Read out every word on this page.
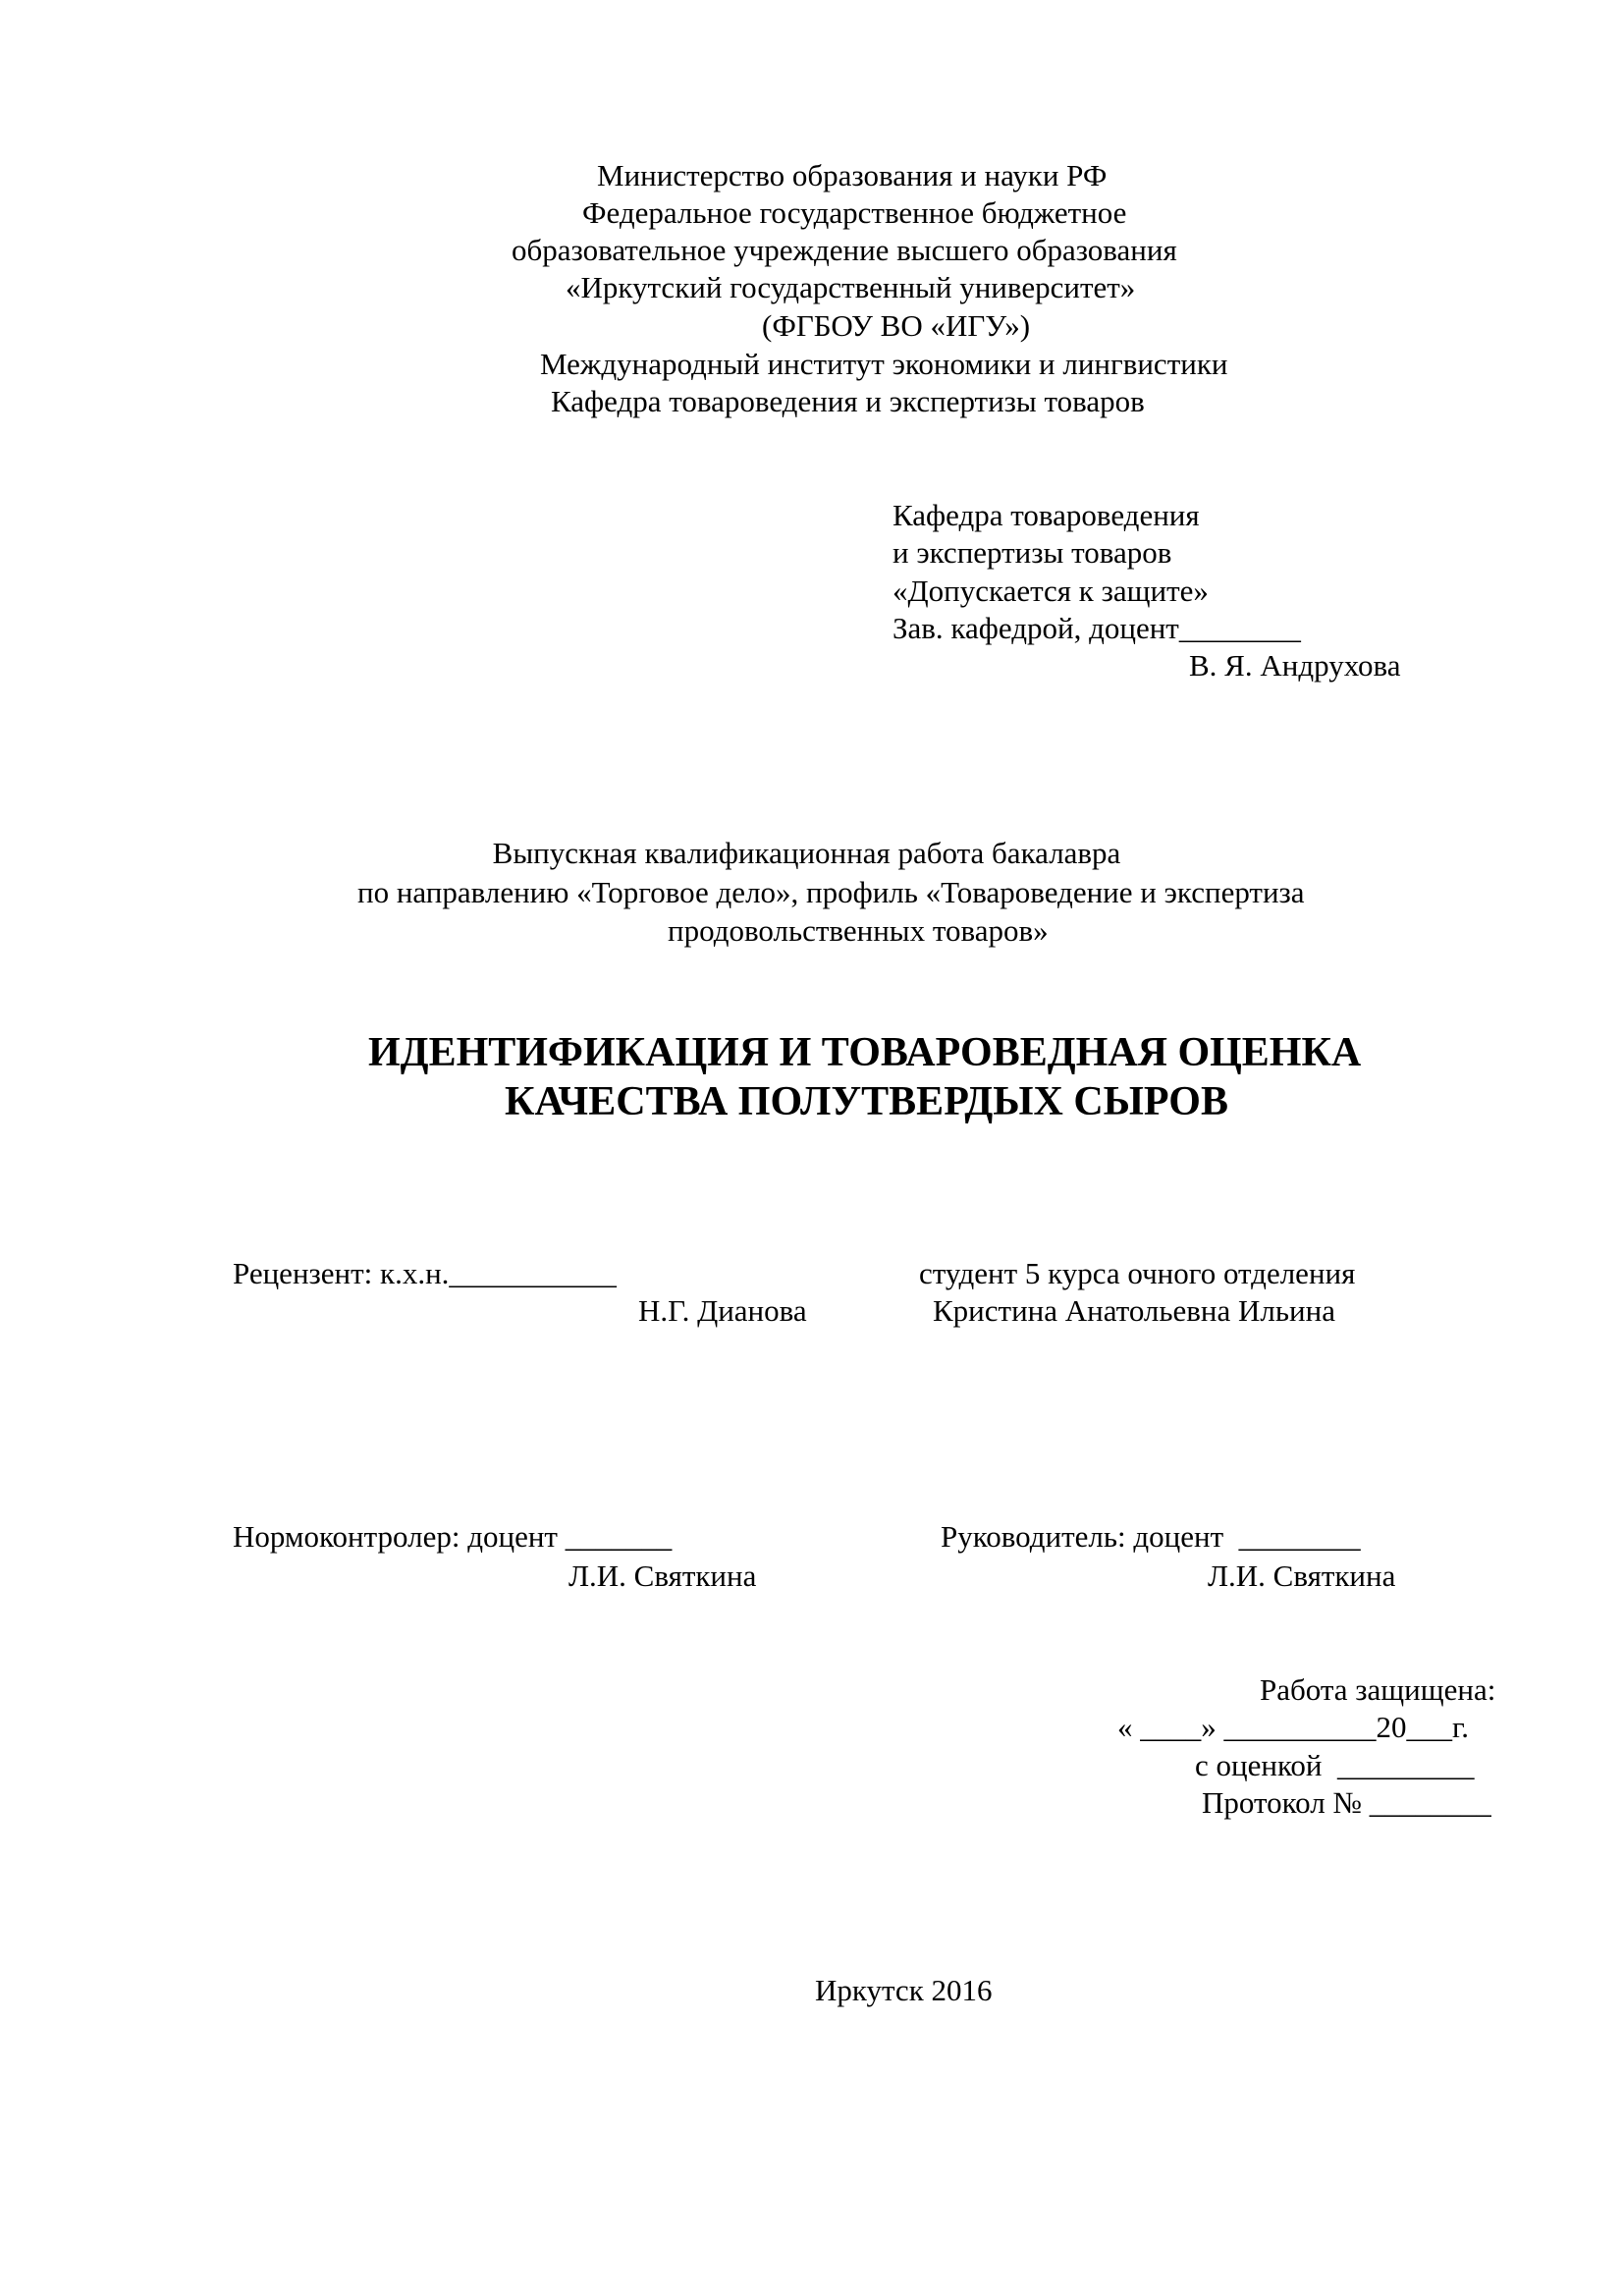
Министерство образования и науки РФ
Федеральное государственное бюджетное
образовательное учреждение высшего образования
«Иркутский государственный университет»
(ФГБОУ ВО «ИГУ»)
Международный институт экономики и лингвистики
Кафедра товароведения и экспертизы товаров
Кафедра товароведения
и экспертизы товаров
«Допускается к защите»
Зав. кафедрой, доцент________
В. Я. Андрухова
Выпускная квалификационная работа бакалавра
по направлению «Торговое дело», профиль «Товароведение и экспертиза
продовольственных товаров»
ИДЕНТИФИКАЦИЯ И ТОВАРОВЕДНАЯ ОЦЕНКА
КАЧЕСТВА ПОЛУТВЕРДЫХ СЫРОВ
Рецензент: к.х.н.___________
Н.Г. Дианова
студент 5 курса очного отделения
Кристина Анатольевна Ильина
Нормоконтролер: доцент _______
Л.И. Святкина
Руководитель: доцент  ________
Л.И. Святкина
Работа защищена:
« ____» __________20___г.
с оценкой  _________
Протокол № ________
Иркутск 2016
